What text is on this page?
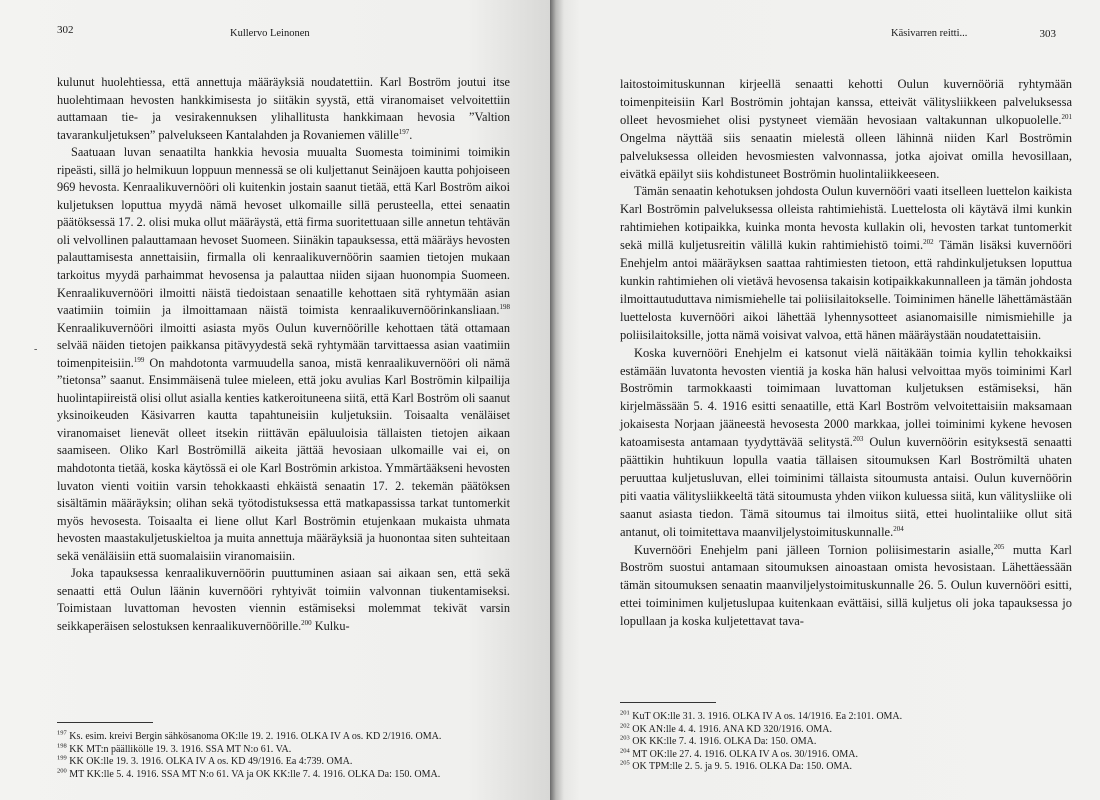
302	Kullervo Leinonen

kulunut huolehtiessa, että annettuja määräyksiä noudatettiin. Karl Boström joutui itse huolehtimaan hevosten hankkimisesta jo siitäkin syystä, että viranomaiset velvoitettiin auttamaan tie- ja vesirakennuksen ylihallitusta hankkimaan hevosia ”Valtion tavarankuljetuksen” palvelukseen Kantalahden ja Rovaniemen välille$^{197}$.

Saatuaan luvan senaatilta hankkia hevosia muualta Suomesta toiminimi toimikin ripeästi, sillä jo helmikuun loppuun mennessä se oli kuljettanut Seinäjoen kautta pohjoiseen 969 hevosta. Kenraalikuvernööri oli kuitenkin jostain saanut tietää, että Karl Boström aikoi kuljetuksen loputtua myydä nämä hevoset ulkomaille sillä perusteella, ettei senaatin päätöksessä 17. 2. olisi muka ollut määräystä, että firma suoritettuaan sille annetun tehtävän oli velvollinen palauttamaan hevoset Suomeen. Siinäkin tapauksessa, että määräys hevosten palauttamisesta annettaisiin, firmalla oli kenraalikuvernöörin saamien tietojen mukaan tarkoitus myydä parhaimmat hevosensa ja palauttaa niiden sijaan huonompia Suomeen. Kenraalikuvernööri ilmoitti näistä tiedoistaan senaatille kehottaen sitä ryhtymään asian vaatimiin toimiin ja ilmoittamaan näistä toimista kenraalikuvernöörinkansliaan.$^{198}$ Kenraalikuvernööri ilmoitti asiasta myös Oulun kuvernöörille kehottaen tätä ottamaan selvää näiden tietojen paikkansa pitävyydestä sekä ryhtymään tarvittaessa asian vaatimiin toimenpiteisiin.$^{199}$ On mahdotonta varmuudella sanoa, mistä kenraalikuvernööri oli nämä ”tietonsa” saanut. Ensimmäisenä tulee mieleen, että joku avulias Karl Boströmin kilpailija huolintapiireistä olisi ollut asialla kenties katkeroituneena siitä, että Karl Boström oli saanut yksinoikeuden Käsivarren kautta tapahtuneisiin kuljetuksiin. Toisaalta venäläiset viranomaiset lienevät olleet itsekin riittävän epäluuloisia tällaisten tietojen aikaan saamiseen. Oliko Karl Boströmillä aikeita jättää hevosiaan ulkomaille vai ei, on mahdotonta tietää, koska käytössä ei ole Karl Boströmin arkistoa. Ymmärtääkseni hevosten luvaton vienti voitiin varsin tehokkaasti ehkäistä senaatin 17. 2. tekemän päätöksen sisältämin määräyksin; olihan sekä työtodistuksessa että matkapassissa tarkat tuntomerkit myös hevosesta. Toisaalta ei liene ollut Karl Boströmin etujenkaan mukaista uhmata hevosten maastakuljetuskieltoa ja muita annettuja määräyksiä ja huonontaa siten suhteitaan sekä venäläisiin että suomalaisiin viranomaisiin.

Joka tapauksessa kenraalikuvernöörin puuttuminen asiaan sai aikaan sen, että sekä senaatti että Oulun läänin kuvernööri ryhtyivät toimiin valvonnan tiukentamiseksi. Toimistaan luvattoman hevosten viennin estämiseksi molemmat tekivät varsin seikkaperäisen selostuksen kenraalikuvernöörille.$^{200}$ Kulku-

$^{197}$ Ks. esim. kreivi Bergin sähkösanoma OK:lle 19. 2. 1916. OLKA IV A os. KD 2/1916. OMA.
$^{198}$ KK MT:n päällikölle 19. 3. 1916. SSA MT N:o 61. VA.
$^{199}$ KK OK:lle 19. 3. 1916. OLKA IV A os. KD 49/1916. Ea 4:739. OMA.
$^{200}$ MT KK:lle 5. 4. 1916. SSA MT N:o 61. VA ja OK KK:lle 7. 4. 1916. OLKA Da: 150. OMA.
-
Käsivarren reitti...	303

laitostoimituskunnan kirjeellä senaatti kehotti Oulun kuvernööriä ryhtymään toimenpiteisiin Karl Boströmin johtajan kanssa, etteivät välitysliikkeen palveluksessa olleet hevosmiehet olisi pystyneet viemään hevosiaan valtakunnan ulkopuolelle.$^{201}$ Ongelma näyttää siis senaatin mielestä olleen lähinnä niiden Karl Boströmin palveluksessa olleiden hevosmiesten valvonnassa, jotka ajoivat omilla hevosillaan, eivätkä epäilyt siis kohdistuneet Boströmin huolintaliikkeeseen.

Tämän senaatin kehotuksen johdosta Oulun kuvernööri vaati itselleen luettelon kaikista Karl Boströmin palveluksessa olleista rahtimiehistä. Luettelosta oli käytävä ilmi kunkin rahtimiehen kotipaikka, kuinka monta hevosta kullakin oli, hevosten tarkat tuntomerkit sekä millä kuljetusreitin välillä kukin rahtimiehistö toimi.$^{202}$ Tämän lisäksi kuvernööri Enehjelm antoi määräyksen saattaa rahtimiesten tietoon, että rahdinkuljetuksen loputtua kunkin rahtimiehen oli vietävä hevosensa takaisin kotipaikkakunnalleen ja tämän johdosta ilmoittautuduttava nimismiehelle tai poliisilaitokselle. Toiminimen hänelle lähettämästään luettelosta kuvernööri aikoi lähettää lyhennysotteet asianomaisille nimismiehille ja poliisilaitoksille, jotta nämä voisivat valvoa, että hänen määräystään noudatettaisiin.

Koska kuvernööri Enehjelm ei katsonut vielä näitäkään toimia kyllin tehokkaiksi estämään luvatonta hevosten vientiä ja koska hän halusi velvoittaa myös toiminimi Karl Boströmin tarmokkaasti toimimaan luvattoman kuljetuksen estämiseksi, hän kirjelmässään 5. 4. 1916 esitti senaatille, että Karl Boström velvoitettaisiin maksamaan jokaisesta Norjaan jääneestä hevosesta 2000 markkaa, jollei toiminimi kykene hevosen katoamisesta antamaan tyydyttävää selitystä.$^{203}$ Oulun kuvernöörin esityksestä senaatti päättikin huhtikuun lopulla vaatia tällaisen sitoumuksen Karl Boströmiltä uhaten peruuttaa kuljetusluvan, ellei toiminimi tällaista sitoumusta antaisi. Oulun kuvernöörin piti vaatia välitysliikkeeltä tätä sitoumusta yhden viikon kuluessa siitä, kun välitysliike oli saanut asiasta tiedon. Tämä sitoumus tai ilmoitus siitä, ettei huolintaliike ollut sitä antanut, oli toimitettava maanviljelystoimituskunnalle.$^{204}$

Kuvernööri Enehjelm pani jälleen Tornion poliisimestarin asialle,$^{205}$ mutta Karl Boström suostui antamaan sitoumuksen ainoastaan omista hevosistaan. Lähettäessään tämän sitoumuksen senaatin maanviljelystoimituskunnalle 26. 5. Oulun kuvernööri esitti, ettei toiminimen kuljetuslupaa kuitenkaan evättäisi, sillä kuljetus oli joka tapauksessa jo lopullaan ja koska kuljetettavat tava-

$^{201}$ KuT OK:lle 31. 3. 1916. OLKA IV A os. 14/1916. Ea 2:101. OMA.
$^{202}$ OK AN:lle 4. 4. 1916. ANA KD 320/1916. OMA.
$^{203}$ OK KK:lle 7. 4. 1916. OLKA Da: 150. OMA.
$^{204}$ MT OK:lle 27. 4. 1916. OLKA IV A os. 30/1916. OMA.
$^{205}$ OK TPM:lle 2. 5. ja 9. 5. 1916. OLKA Da: 150. OMA.
